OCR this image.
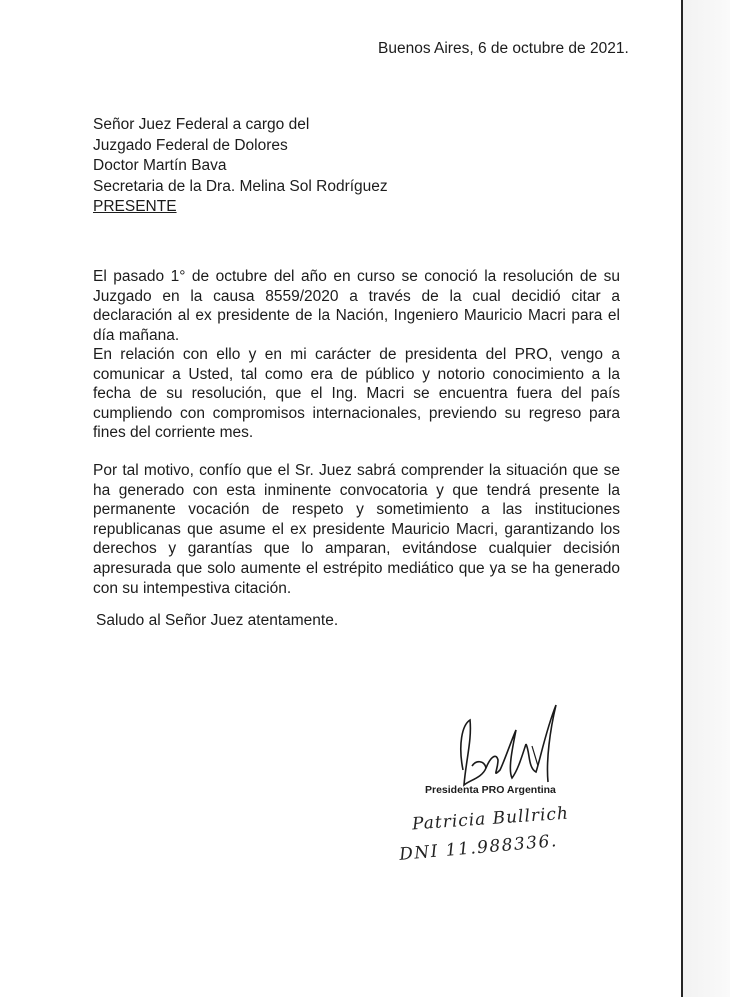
Buenos Aires, 6 de octubre de 2021.
Señor Juez Federal a cargo del
Juzgado Federal de Dolores
Doctor Martín Bava
Secretaria de la Dra. Melina Sol Rodríguez
PRESENTE
El pasado 1° de octubre del año en curso se conoció la resolución de su Juzgado en la causa 8559/2020 a través de la cual decidió citar a declaración al ex presidente de la Nación, Ingeniero Mauricio Macri para el día mañana.
En relación con ello y en mi carácter de presidenta del PRO, vengo a comunicar a Usted, tal como era de público y notorio conocimiento a la fecha de su resolución, que el Ing. Macri se encuentra fuera del país cumpliendo con compromisos internacionales, previendo su regreso para fines del corriente mes.
Por tal motivo, confío que el Sr. Juez sabrá comprender la situación que se ha generado con esta inminente convocatoria y que tendrá presente la permanente vocación de respeto y sometimiento a las instituciones republicanas que asume el ex presidente Mauricio Macri, garantizando los derechos y garantías que lo amparan, evitándose cualquier decisión apresurada que solo aumente el estrépito mediático que ya se ha generado con su intempestiva citación.
Saludo al Señor Juez atentamente.
Presidenta PRO Argentina
Patricia Bullrich
DNI 11.988336.
